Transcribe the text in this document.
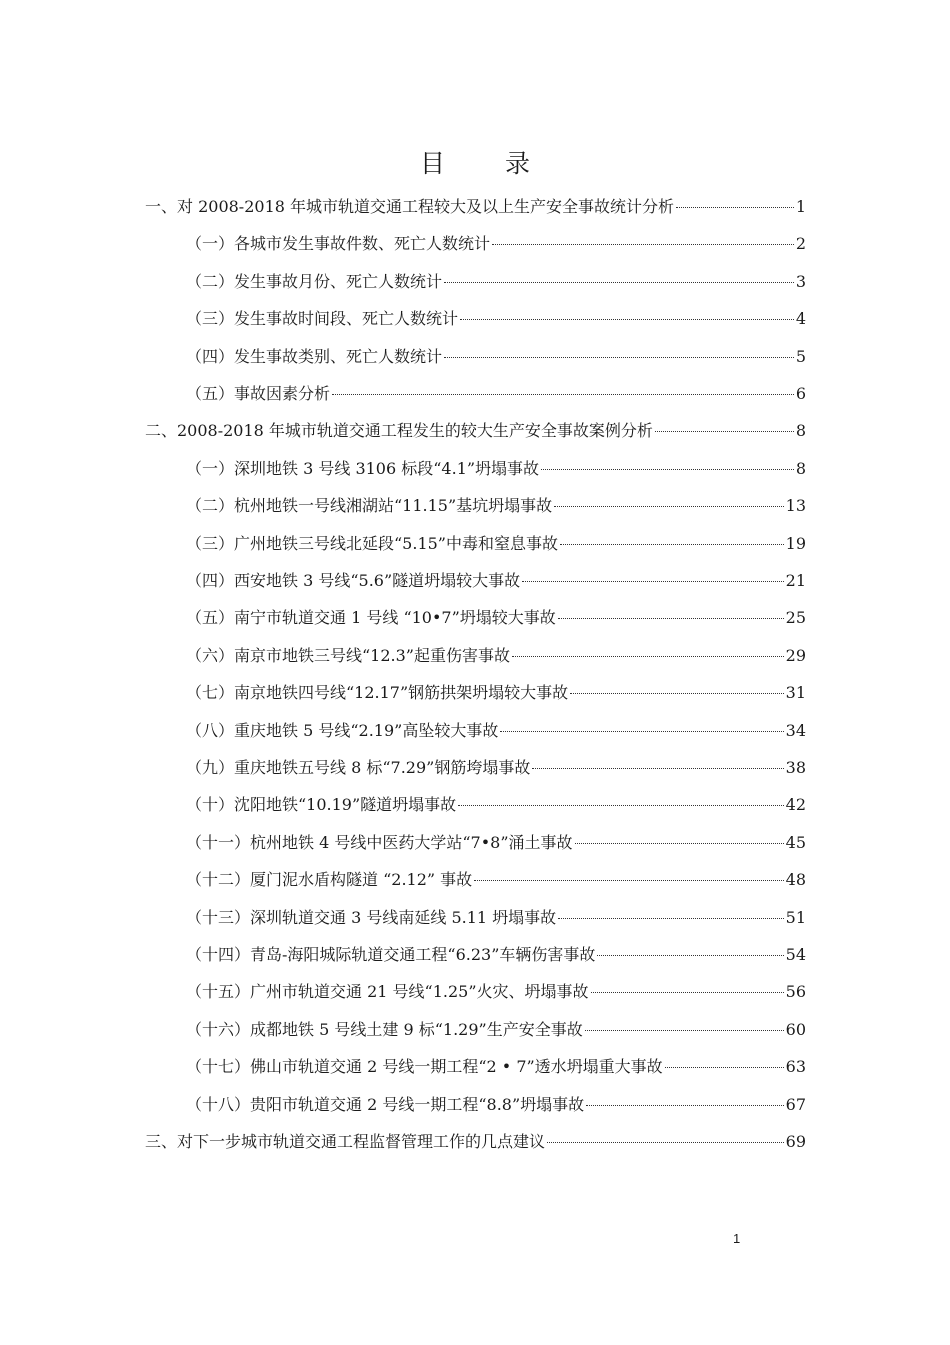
目 录
一、对 2008-2018 年城市轨道交通工程较大及以上生产安全事故统计分析	1
（一）各城市发生事故件数、死亡人数统计	2
（二）发生事故月份、死亡人数统计	3
（三）发生事故时间段、死亡人数统计	4
（四）发生事故类别、死亡人数统计	5
（五）事故因素分析	6
二、2008-2018 年城市轨道交通工程发生的较大生产安全事故案例分析	8
（一）深圳地铁 3 号线 3106 标段“4.1”坍塌事故	8
（二）杭州地铁一号线湘湖站“11.15”基坑坍塌事故	13
（三）广州地铁三号线北延段“5.15”中毒和窒息事故	19
（四）西安地铁 3 号线“5.6”隧道坍塌较大事故	21
（五）南宁市轨道交通 1 号线 “10•7”坍塌较大事故	25
（六）南京市地铁三号线“12.3”起重伤害事故	29
（七）南京地铁四号线“12.17”钢筋拱架坍塌较大事故	31
（八）重庆地铁 5 号线“2.19”高坠较大事故	34
（九）重庆地铁五号线 8 标“7.29”钢筋垮塌事故	38
（十）沈阳地铁“10.19”隧道坍塌事故	42
（十一）杭州地铁 4 号线中医药大学站“7•8”涌土事故	45
（十二）厦门泥水盾构隧道 “2.12” 事故	48
（十三）深圳轨道交通 3 号线南延线 5.11 坍塌事故	51
（十四）青岛-海阳城际轨道交通工程“6.23”车辆伤害事故	54
（十五）广州市轨道交通 21 号线“1.25”火灾、坍塌事故	56
（十六）成都地铁 5 号线土建 9 标“1.29”生产安全事故	60
（十七）佛山市轨道交通 2 号线一期工程“2 • 7”透水坍塌重大事故	63
（十八）贵阳市轨道交通 2 号线一期工程“8.8”坍塌事故	67
三、对下一步城市轨道交通工程监督管理工作的几点建议	69
1
